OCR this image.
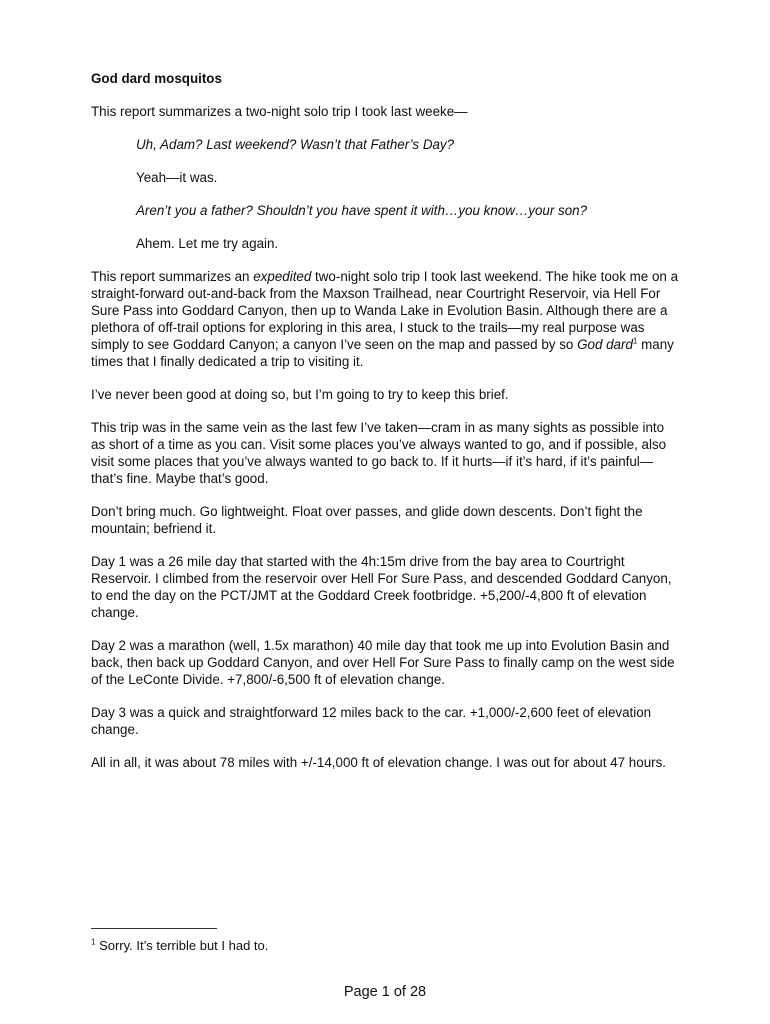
God dard mosquitos

This report summarizes a two-night solo trip I took last weeke—

Uh, Adam? Last weekend? Wasn’t that Father’s Day?

Yeah—it was.

Aren’t you a father? Shouldn’t you have spent it with…you know…your son?

Ahem. Let me try again.

This report summarizes an expedited two-night solo trip I took last weekend. The hike took me on a straight-forward out-and-back from the Maxson Trailhead, near Courtright Reservoir, via Hell For Sure Pass into Goddard Canyon, then up to Wanda Lake in Evolution Basin. Although there are a plethora of off-trail options for exploring in this area, I stuck to the trails—my real purpose was simply to see Goddard Canyon; a canyon I’ve seen on the map and passed by so God dard$^1$ many times that I finally dedicated a trip to visiting it.

I’ve never been good at doing so, but I’m going to try to keep this brief.

This trip was in the same vein as the last few I’ve taken—cram in as many sights as possible into as short of a time as you can. Visit some places you’ve always wanted to go, and if possible, also visit some places that you’ve always wanted to go back to. If it hurts—if it’s hard, if it’s painful—that’s fine. Maybe that’s good.

Don’t bring much. Go lightweight. Float over passes, and glide down descents. Don’t fight the mountain; befriend it.

Day 1 was a 26 mile day that started with the 4h:15m drive from the bay area to Courtright Reservoir. I climbed from the reservoir over Hell For Sure Pass, and descended Goddard Canyon, to end the day on the PCT/JMT at the Goddard Creek footbridge. +5,200/-4,800 ft of elevation change.

Day 2 was a marathon (well, 1.5x marathon) 40 mile day that took me up into Evolution Basin and back, then back up Goddard Canyon, and over Hell For Sure Pass to finally camp on the west side of the LeConte Divide. +7,800/-6,500 ft of elevation change.

Day 3 was a quick and straightforward 12 miles back to the car. +1,000/-2,600 feet of elevation change.

All in all, it was about 78 miles with +/-14,000 ft of elevation change. I was out for about 47 hours.

$^1$ Sorry. It’s terrible but I had to.
Page 1 of 28
